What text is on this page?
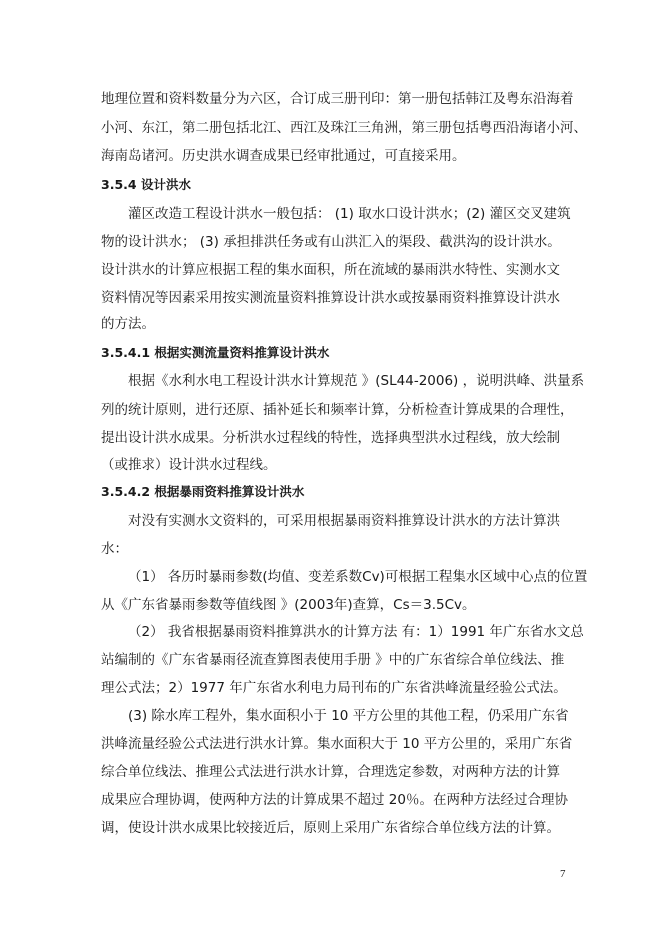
地理位置和资料数量分为六区，合订成三册刊印：第一册包括韩江及粤东沿海着
小河、东江，第二册包括北江、西江及珠江三角洲，第三册包括粤西沿海诸小河、
海南岛诸河。历史洪水调查成果已经审批通过，可直接采用。
3.5.4 设计洪水
灌区改造工程设计洪水一般包括： (1) 取水口设计洪水；(2) 灌区交叉建筑
物的设计洪水； (3) 承担排洪任务或有山洪汇入的渠段、截洪沟的设计洪水。
设计洪水的计算应根据工程的集水面积，所在流域的暴雨洪水特性、实测水文
资料情况等因素采用按实测流量资料推算设计洪水或按暴雨资料推算设计洪水
的方法。
3.5.4.1 根据实测流量资料推算设计洪水
根据《水利水电工程设计洪水计算规范 》(SL44-2006) ，说明洪峰、洪量系
列的统计原则，进行还原、插补延长和频率计算，分析检查计算成果的合理性，
提出设计洪水成果。分析洪水过程线的特性，选择典型洪水过程线，放大绘制
（或推求）设计洪水过程线。
3.5.4.2 根据暴雨资料推算设计洪水
对没有实测水文资料的，可采用根据暴雨资料推算设计洪水的方法计算洪
水：
（1） 各历时暴雨参数(均值、变差系数Cv)可根据工程集水区域中心点的位置
从《广东省暴雨参数等值线图 》(2003年)查算，Cs＝3.5Cv。
（2） 我省根据暴雨资料推算洪水的计算方法 有：1）1991 年广东省水文总
站编制的《广东省暴雨径流查算图表使用手册 》中的广东省综合单位线法、推
理公式法；2）1977 年广东省水利电力局刊布的广东省洪峰流量经验公式法。
(3) 除水库工程外，集水面积小于 10 平方公里的其他工程，仍采用广东省
洪峰流量经验公式法进行洪水计算。集水面积大于 10 平方公里的，采用广东省
综合单位线法、推理公式法进行洪水计算，合理选定参数，对两种方法的计算
成果应合理协调，使两种方法的计算成果不超过 20％。在两种方法经过合理协
调，使设计洪水成果比较接近后，原则上采用广东省综合单位线方法的计算。
7
